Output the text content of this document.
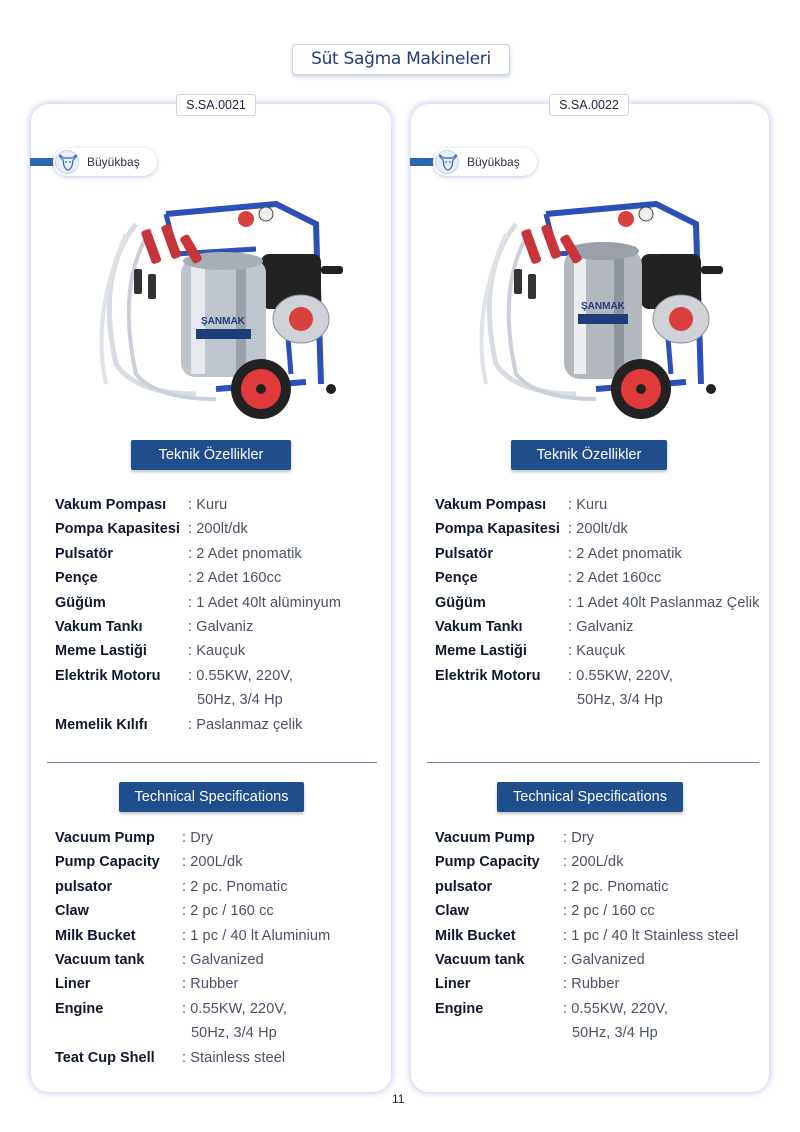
Süt Sağma Makineleri
S.SA.0021
Büyükbaş
ŞANMAK
Teknik Özellikler
Vakum Pompası : Kuru
Pompa Kapasitesi : 200lt/dk
Pulsatör	: 2 Adet pnomatik
Pençe	: 2 Adet 160cc
Güğüm	: 1 Adet 40lt alüminyum
Vakum Tankı	: Galvaniz
Meme Lastiği	: Kauçuk
Elektrik Motoru : 0.55KW, 220V,
50Hz, 3/4 Hp
Memelik Kılıfı	: Paslanmaz çelik
Technical Specifications
Vacuum Pump : Dry
Pump Capacity : 200L/dk
pulsator	: 2 pc. Pnomatic
Claw	: 2 pc / 160 cc
Milk Bucket	: 1 pc / 40 lt Aluminium
Vacuum tank	: Galvanized
Liner	: Rubber
Engine	: 0.55KW, 220V,
50Hz, 3/4 Hp
Teat Cup Shell : Stainless steel
S.SA.0022
Büyükbaş
ŞANMAK
Teknik Özellikler
Vakum Pompası : Kuru
Pompa Kapasitesi : 200lt/dk
Pulsatör	: 2 Adet pnomatik
Pençe	: 2 Adet 160cc
Güğüm	: 1 Adet 40lt Paslanmaz Çelik
Vakum Tankı	: Galvaniz
Meme Lastiği	: Kauçuk
Elektrik Motoru : 0.55KW, 220V,
50Hz, 3/4 Hp
Technical Specifications
Vacuum Pump : Dry
Pump Capacity : 200L/dk
pulsator	: 2 pc. Pnomatic
Claw	: 2 pc / 160 cc
Milk Bucket	: 1 pc / 40 lt Stainless steel
Vacuum tank	: Galvanized
Liner	: Rubber
Engine	: 0.55KW, 220V,
50Hz, 3/4 Hp
11
